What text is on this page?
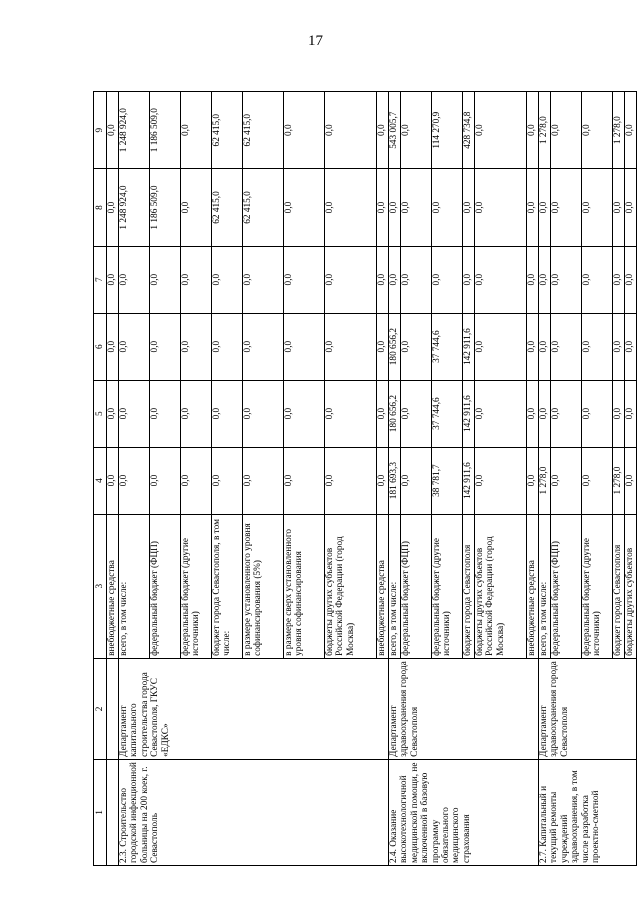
17
1	2	3	4	5	6	7	8	9
		внебюджетные средства	0,0	0,0	0,0	0,0	0,0	0,0
2.3. Строительство городской инфекционной больницы на 200 коек, г. Севастополь	Департамент капитального строительства города Севастополя, ГКУС «ЕДКС»	всего, в том числе:	0,0	0,0	0,0	0,0	1 248 924,0	1 248 924,0
		федеральный бюджет (ФЦП)	0,0	0,0	0,0	0,0	1 186 509,0	1 186 509,0
		федеральный бюджет (другие источники)	0,0	0,0	0,0	0,0	0,0	0,0
		бюджет города Севастополя, в том числе:	0,0	0,0	0,0	0,0	62 415,0	62 415,0
		в размере установленного уровня софинансирования (5%)	0,0	0,0	0,0	0,0	62 415,0	62 415,0
		в размере сверх установленного уровня софинансирования	0,0	0,0	0,0	0,0	0,0	0,0
		бюджеты других субъектов Российской Федерации (город Москва)	0,0	0,0	0,0	0,0	0,0	0,0
		внебюджетные средства	0,0	0,0	0,0	0,0	0,0	0,0
2.4. Оказание высокотехнологичной медицинской помощи, не включенной в базовую программу обязательного медицинского страхования	Департамент здравоохранения города Севастополя	всего, в том числе:	181 693,3	180 656,2	180 656,2	0,0	0,0	543 005,7
		федеральный бюджет (ФЦП)	0,0	0,0	0,0	0,0	0,0	0,0
		федеральный бюджет (другие источники)	38 781,7	37 744,6	37 744,6	0,0	0,0	114 270,9
		бюджет города Севастополя	142 911,6	142 911,6	142 911,6	0,0	0,0	428 734,8
		бюджеты других субъектов Российской Федерации (город Москва)	0,0	0,0	0,0	0,0	0,0	0,0
		внебюджетные средства	0,0	0,0	0,0	0,0	0,0	0,0
2.7. Капитальный и текущий ремонты учреждений здравоохранения, в том числе разработка проектно-сметной	Департамент здравоохранения города Севастополя	всего, в том числе:	1 278,0	0,0	0,0	0,0	0,0	1 278,0
		федеральный бюджет (ФЦП)	0,0	0,0	0,0	0,0	0,0	0,0
		федеральный бюджет (другие источники)	0,0	0,0	0,0	0,0	0,0	0,0
		бюджет города Севастополя	1 278,0	0,0	0,0	0,0	0,0	1 278,0
		бюджеты других субъектов	0,0	0,0	0,0	0,0	0,0	0,0
